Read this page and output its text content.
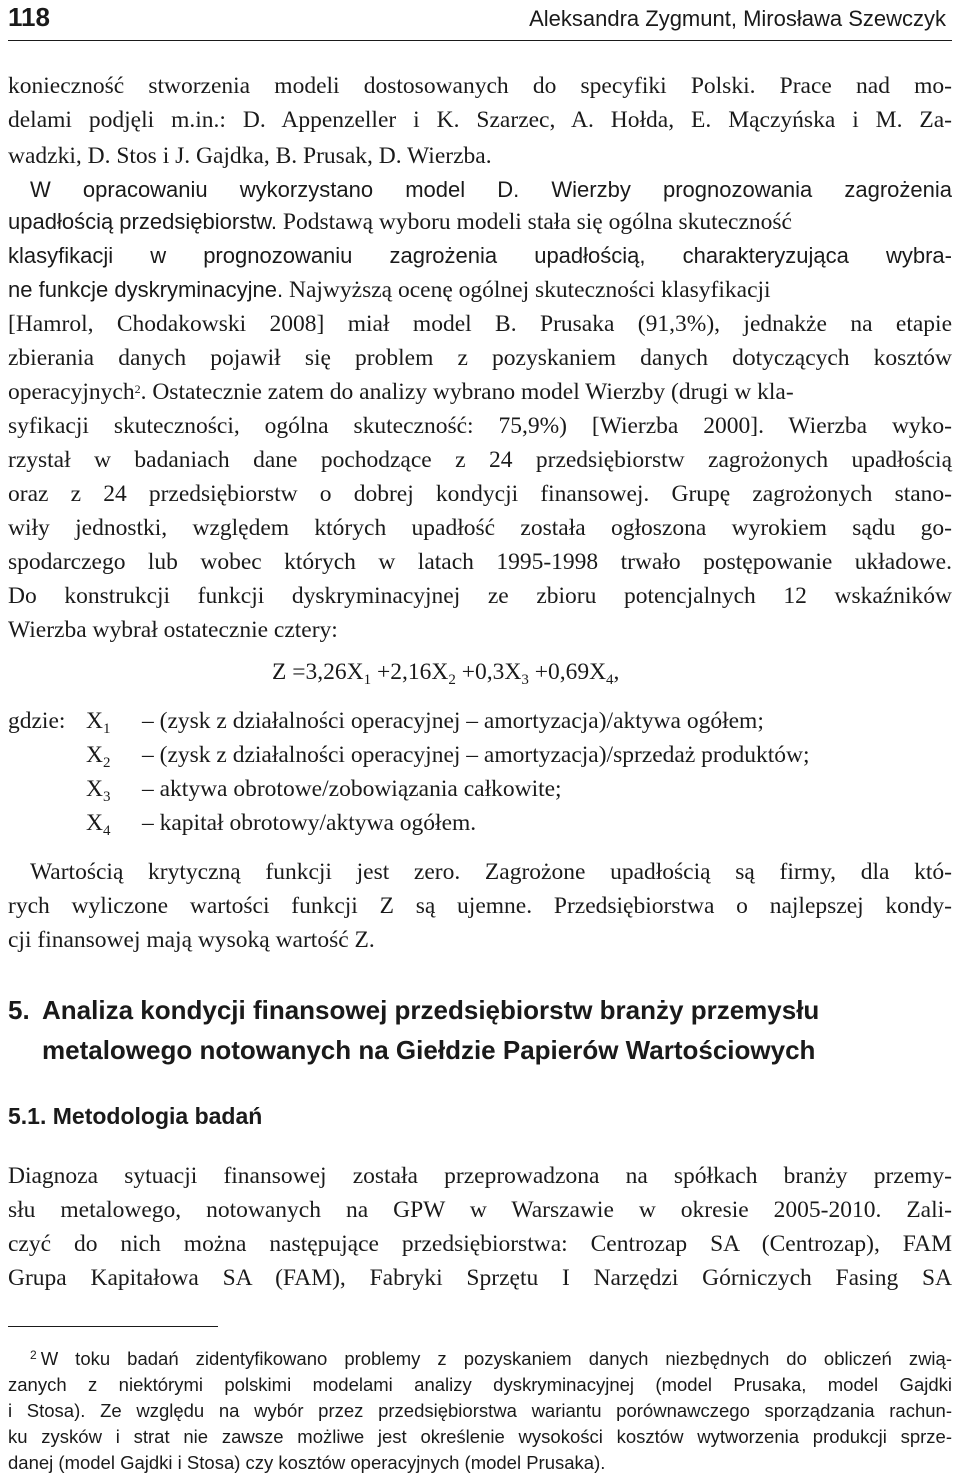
118	Aleksandra Zygmunt, Mirosława Szewczyk
konieczność stworzenia modeli dostosowanych do specyfiki Polski. Prace nad mo-
delami podjęli m.in.: D. Appenzeller i K. Szarzec, A. Hołda, E. Mączyńska i M. Za-
wadzki, D. Stos i J. Gajdka, B. Prusak, D. Wierzba.
W opracowaniu wykorzystano model D. Wierzby prognozowania zagrożenia
upadłością przedsiębiorstw. Podstawą wyboru modeli stała się ogólna skuteczność
klasyfikacji w prognozowaniu zagrożenia upadłością, charakteryzująca wybra-
ne funkcje dyskryminacyjne. Najwyższą ocenę ogólnej skuteczności klasyfikacji
[Hamrol, Chodakowski 2008] miał model B. Prusaka (91,3%), jednakże na etapie
zbierania danych pojawił się problem z pozyskaniem danych dotyczących kosztów
operacyjnych$^2$. Ostatecznie zatem do analizy wybrano model Wierzby (drugi w kla-
syfikacji skuteczności, ogólna skuteczność: 75,9%) [Wierzba 2000]. Wierzba wyko-
rzystał w badaniach dane pochodzące z 24 przedsiębiorstw zagrożonych upadłością
oraz z 24 przedsiębiorstw o dobrej kondycji finansowej. Grupę zagrożonych stano-
wiły jednostki, względem których upadłość została ogłoszona wyrokiem sądu go-
spodarczego lub wobec których w latach 1995-1998 trwało postępowanie układowe.
Do konstrukcji funkcji dyskryminacyjnej ze zbioru potencjalnych 12 wskaźników
Wierzba wybrał ostatecznie cztery:
$Z =3,26X_1 +2,16X_2 +0,3X_3 +0,69X_4$,
gdzie: $X_1$	– (zysk z działalności operacyjnej – amortyzacja)/aktywa ogółem;
$X_2$	– (zysk z działalności operacyjnej – amortyzacja)/sprzedaż produktów;
$X_3$	– aktywa obrotowe/zobowiązania całkowite;
$X_4$	– kapitał obrotowy/aktywa ogółem.
Wartością krytyczną funkcji jest zero. Zagrożone upadłością są firmy, dla któ-
rych wyliczone wartości funkcji Z są ujemne. Przedsiębiorstwa o najlepszej kondy-
cji finansowej mają wysoką wartość Z.
5. Analiza kondycji finansowej przedsiębiorstw branży przemysłu
metalowego notowanych na Giełdzie Papierów Wartościowych
5.1. Metodologia badań
Diagnoza sytuacji finansowej została przeprowadzona na spółkach branży przemy-
słu metalowego, notowanych na GPW w Warszawie w okresie 2005-2010. Zali-
czyć do nich można następujące przedsiębiorstwa: Centrozap SA (Centrozap), FAM
Grupa Kapitałowa SA (FAM), Fabryki Sprzętu I Narzędzi Górniczych Fasing SA
$^2$ W toku badań zidentyfikowano problemy z pozyskaniem danych niezbędnych do obliczeń zwią-
zanych z niektórymi polskimi modelami analizy dyskryminacyjnej (model Prusaka, model Gajdki
i Stosa). Ze względu na wybór przez przedsiębiorstwa wariantu porównawczego sporządzania rachun-
ku zysków i strat nie zawsze możliwe jest określenie wysokości kosztów wytworzenia produkcji sprze-
danej (model Gajdki i Stosa) czy kosztów operacyjnych (model Prusaka).
